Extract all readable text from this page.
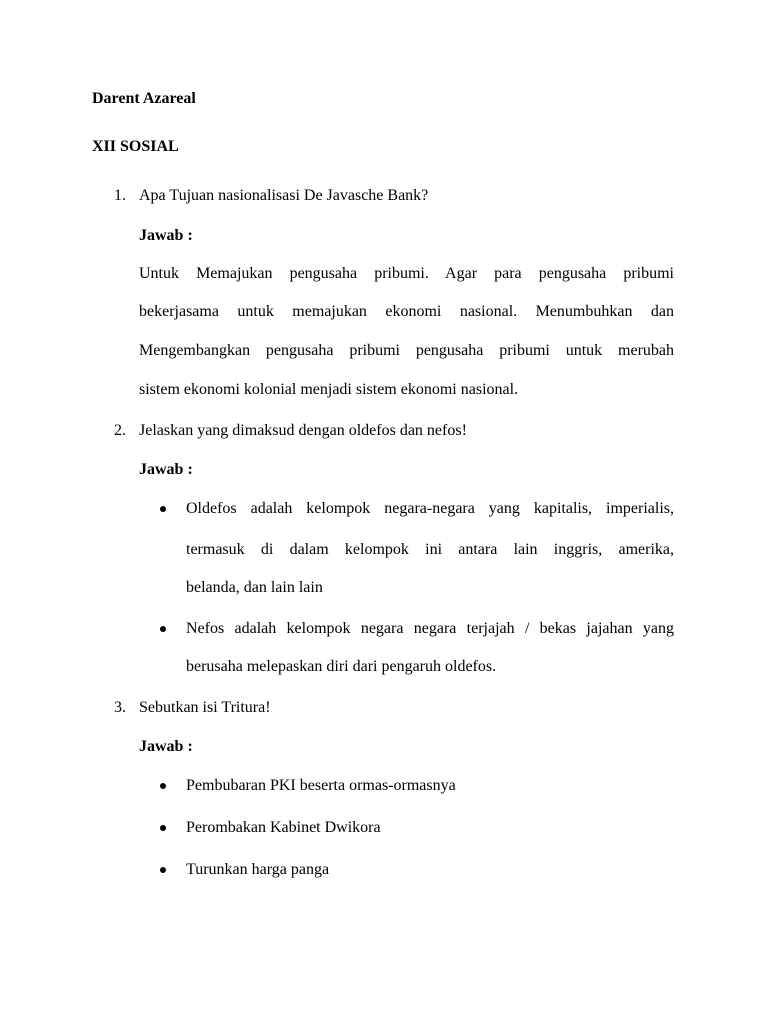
Darent Azareal
XII SOSIAL
1. Apa Tujuan nasionalisasi De Javasche Bank?
Jawab :
Untuk Memajukan pengusaha pribumi. Agar para pengusaha pribumi
bekerjasama untuk memajukan ekonomi nasional. Menumbuhkan dan
Mengembangkan pengusaha pribumi pengusaha pribumi untuk merubah
sistem ekonomi kolonial menjadi sistem ekonomi nasional.
2. Jelaskan yang dimaksud dengan oldefos dan nefos!
Jawab :
Oldefos adalah kelompok negara-negara yang kapitalis, imperialis,
termasuk di dalam kelompok ini antara lain inggris, amerika,
belanda, dan lain lain
Nefos adalah kelompok negara negara terjajah / bekas jajahan yang
berusaha melepaskan diri dari pengaruh oldefos.
3. Sebutkan isi Tritura!
Jawab :
Pembubaran PKI beserta ormas-ormasnya
Perombakan Kabinet Dwikora
Turunkan harga panga
